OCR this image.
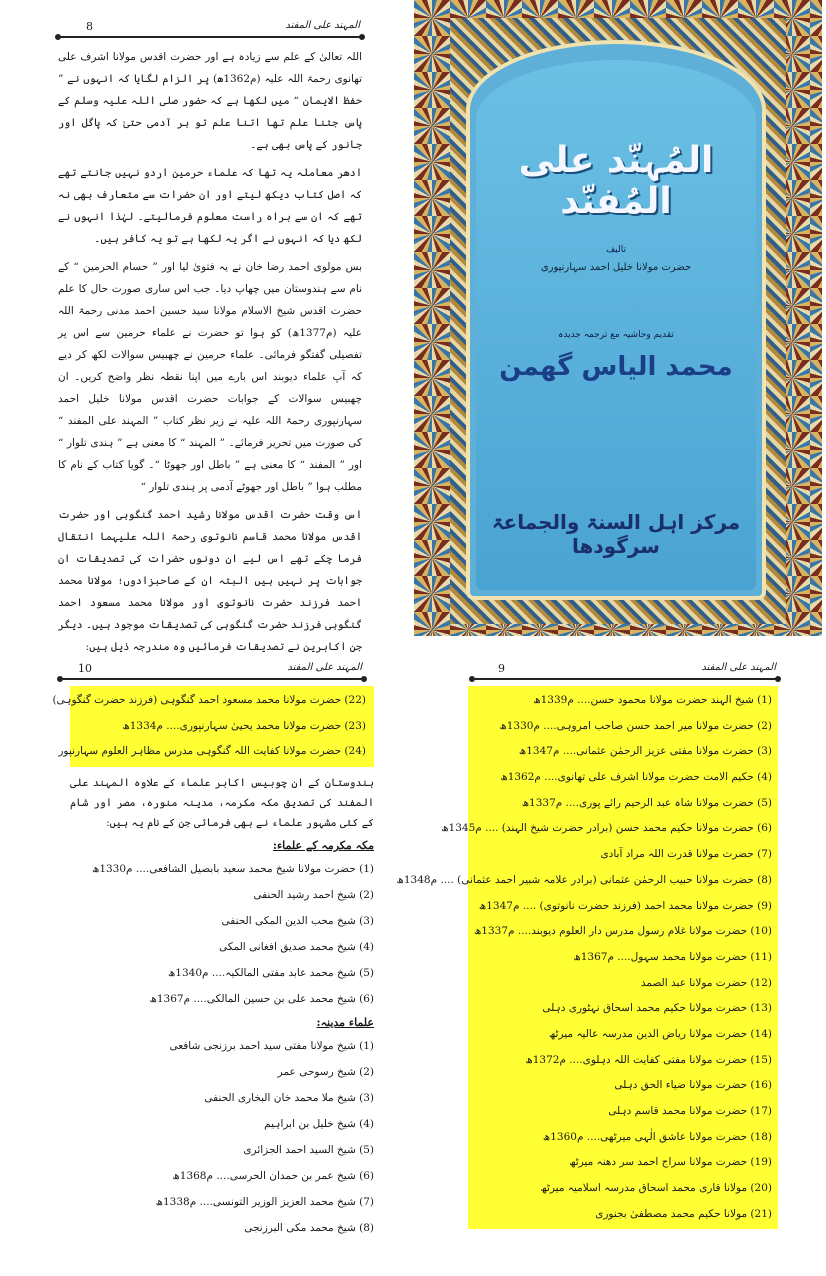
المہند علی المفند
8

اللہ تعالیٰ کے علم سے زیادہ ہے اور حضرت اقدس مولانا اشرف علی تھانوی رحمۃ اللہ علیہ (م1362ھ) پر الزام لگایا کہ انہوں نے ” حفظ الایمان “ میں لکھا ہے کہ حضور صلی اللہ علیہ وسلم کے پاس جتنا علم تھا اتنا علم تو ہر آدمی حتیٰ کہ پاگل اور جانور کے پاس بھی ہے۔

ادھر معاملہ یہ تھا کہ علماء حرمین اردو نہیں جانتے تھے کہ اصل کتاب دیکھ لیتے اور ان حضرات سے متعارف بھی نہ تھے کہ ان سے براہ راست معلوم فرمالیتے۔ لہٰذا انہوں نے لکھ دیا کہ انہوں نے اگر یہ لکھا ہے تو یہ کافر ہیں۔

بس مولوی احمد رضا خان نے یہ فتویٰ لیا اور ” حسام الحرمین “ کے نام سے ہندوستان میں چھاپ دیا۔ جب اس ساری صورت حال کا علم حضرت اقدس شیخ الاسلام مولانا سید حسین احمد مدنی رحمۃ اللہ علیہ (م1377ھ) کو ہوا تو حضرت نے علماء حرمین سے اس پر تفصیلی گفتگو فرمائی۔ علماء حرمین نے چھبیس سوالات لکھ کر دیے کہ آپ علماء دیوبند اس بارے میں اپنا نقطہ نظر واضح کریں۔ ان چھبیس سوالات کے جوابات حضرت اقدس مولانا خلیل احمد سہارنپوری رحمۃ اللہ علیہ نے زیر نظر کتاب ” المہند علی المفند “ کی صورت میں تحریر فرمائے۔ ” المہند “ کا معنی ہے ” ہندی تلوار “ اور ” المفند “ کا معنی ہے ” باطل اور جھوٹا “۔ گویا کتاب کے نام کا مطلب ہوا ” باطل اور جھوٹے آدمی پر ہندی تلوار “

اس وقت حضرت اقدس مولانا رشید احمد گنگوہی اور حضرت اقدس مولانا محمد قاسم نانوتوی رحمۃ اللہ علیہما انتقال فرما چکے تھے اس لیے ان دونوں حضرات کی تصدیقات ان جوابات پر نہیں ہیں البتہ ان کے صاحبزادوں؛ مولانا محمد احمد فرزند حضرت نانوتوی اور مولانا محمد مسعود احمد گنگوہی فرزند حضرت گنگوہی کی تصدیقات موجود ہیں۔ دیگر جن اکابرین نے تصدیقات فرمائیں وہ مندرجہ ذیل ہیں:

المُہنّد علی المُفنّد
تالیف
حضرت مولانا خلیل احمد سہارنپوری
تقدیم وحاشیہ مع ترجمہ جدیدہ
محمد الیاس گھمن
مرکز اہل السنۃ والجماعۃ سرگودھا
المہند علی المفند
10
(22) حضرت مولانا محمد مسعود احمد گنگوہی (فرزند حضرت گنگوہی)
(23) حضرت مولانا محمد یحییٰ سہارنپوری.... م1334ھ
(24) حضرت مولانا کفایت اللہ گنگوہی مدرس مظاہر العلوم سہارنپور

ہندوستان کے ان چوبیس اکابر علماء کے علاوہ المہند علی المفند کی تصدیق مکہ مکرمہ، مدینہ منورہ، مصر اور شام کے کئی مشہور علماء نے بھی فرمائی جن کے نام یہ ہیں:

مکہ مکرمہ کے علماء:
(1) حضرت مولانا شیخ محمد سعید بابصیل الشافعی.... م1330ھ
(2) شیخ احمد رشید الحنفی
(3) شیخ محب الدین المکی الحنفی
(4) شیخ محمد صدیق افغانی المکی
(5) شیخ محمد عابد مفتی المالکیہ.... م1340ھ
(6) شیخ محمد علی بن حسین المالکی.... م1367ھ
علماء مدینہ:
(1) شیخ مولانا مفتی سید احمد برزنجی شافعی
(2) شیخ رسوحی عمر
(3) شیخ ملا محمد خان البخاری الحنفی
(4) شیخ خلیل بن ابراہیم
(5) شیخ السید احمد الجزائری
(6) شیخ عمر بن حمدان الحرسی.... م1368ھ
(7) شیخ محمد العزیز الوزیر التونسی.... م1338ھ
(8) شیخ محمد مکی البرزنجی
المہند علی المفند
9
(1) شیخ الہند حضرت مولانا محمود حسن.... م1339ھ
(2) حضرت مولانا میر احمد حسن صاحب امروہی.... م1330ھ
(3) حضرت مولانا مفتی عزیز الرحمٰن عثمانی.... م1347ھ
(4) حکیم الامت حضرت مولانا اشرف علی تھانوی.... م1362ھ
(5) حضرت مولانا شاہ عبد الرحیم رائے پوری.... م1337ھ
(6) حضرت مولانا حکیم محمد حسن (برادر حضرت شیخ الہند) .... م1345ھ
(7) حضرت مولانا قدرت اللہ مراد آبادی
(8) حضرت مولانا حبیب الرحمٰن عثمانی (برادر علامہ شبیر احمد عثمانی) .... م1348ھ
(9) حضرت مولانا محمد احمد (فرزند حضرت نانوتوی) .... م1347ھ
(10) حضرت مولانا غلام رسول مدرس دار العلوم دیوبند.... م1337ھ
(11) حضرت مولانا محمد سہول.... م1367ھ
(12) حضرت مولانا عبد الصمد
(13) حضرت مولانا حکیم محمد اسحاق نہٹوری دہلی
(14) حضرت مولانا ریاض الدین مدرسہ عالیہ میرٹھ
(15) حضرت مولانا مفتی کفایت اللہ دہلوی.... م1372ھ
(16) حضرت مولانا ضیاء الحق دہلی
(17) حضرت مولانا محمد قاسم دہلی
(18) حضرت مولانا عاشق الٰہی میرٹھی.... م1360ھ
(19) حضرت مولانا سراج احمد سر دھنہ میرٹھ
(20) مولانا قاری محمد اسحاق مدرسہ اسلامیہ میرٹھ
(21) مولانا حکیم محمد مصطفیٰ بجنوری
